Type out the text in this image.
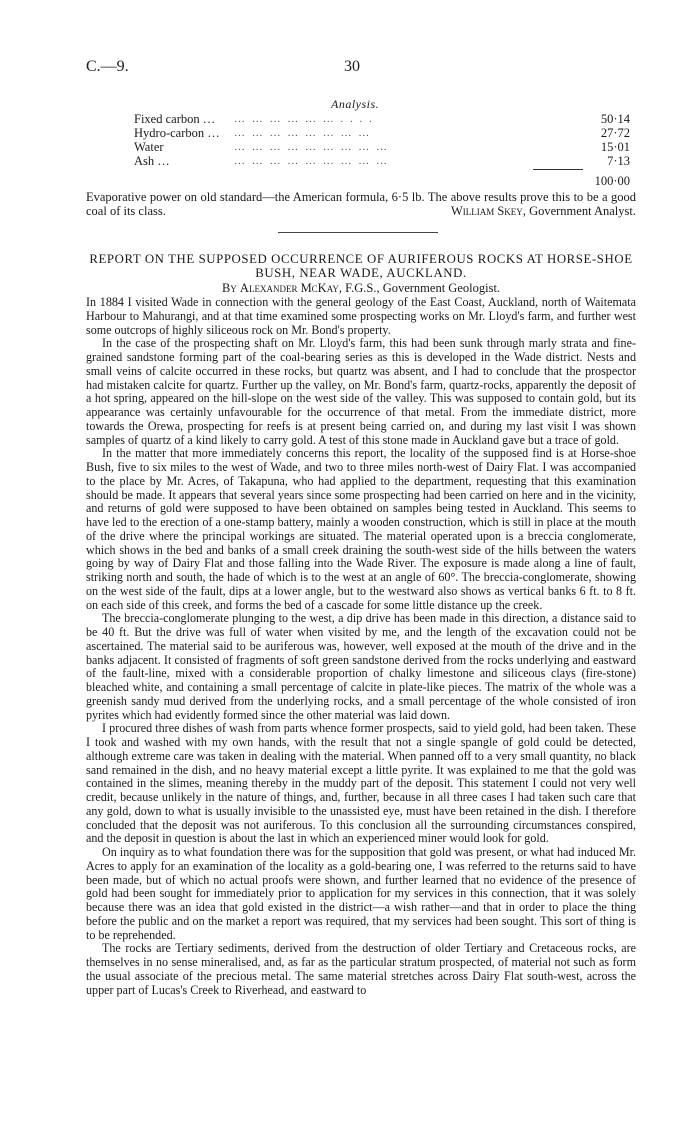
C.—9.	30
Analysis.
Fixed carbon … … … … … … … . . . .	50·14
Hydro-carbon … … … … … … … … …	27·72
Water	… … … … … … … … …	15·01
Ash …	… … … … … … … … …	7·13
100·00
Evaporative power on old standard—the American formula, 6·5 lb. The above results prove this to be a good coal of its class.	William Skey, Government Analyst.
REPORT ON THE SUPPOSED OCCURRENCE OF AURIFEROUS ROCKS AT HORSE-SHOE BUSH, NEAR WADE, AUCKLAND.
By Alexander McKay, F.G.S., Government Geologist.

In 1884 I visited Wade in connection with the general geology of the East Coast, Auckland, north of Waitemata Harbour to Mahurangi, and at that time examined some prospecting works on Mr. Lloyd's farm, and further west some outcrops of highly siliceous rock on Mr. Bond's property.

In the case of the prospecting shaft on Mr. Lloyd's farm, this had been sunk through marly strata and fine-grained sandstone forming part of the coal-bearing series as this is developed in the Wade district. Nests and small veins of calcite occurred in these rocks, but quartz was absent, and I had to conclude that the prospector had mistaken calcite for quartz. Further up the valley, on Mr. Bond's farm, quartz-rocks, apparently the deposit of a hot spring, appeared on the hill-slope on the west side of the valley. This was supposed to contain gold, but its appearance was certainly unfavourable for the occurrence of that metal. From the immediate district, more towards the Orewa, prospecting for reefs is at present being carried on, and during my last visit I was shown samples of quartz of a kind likely to carry gold. A test of this stone made in Auckland gave but a trace of gold.

In the matter that more immediately concerns this report, the locality of the supposed find is at Horse-shoe Bush, five to six miles to the west of Wade, and two to three miles north-west of Dairy Flat. I was accompanied to the place by Mr. Acres, of Takapuna, who had applied to the department, requesting that this examination should be made. It appears that several years since some prospecting had been carried on here and in the vicinity, and returns of gold were supposed to have been obtained on samples being tested in Auckland. This seems to have led to the erection of a one-stamp battery, mainly a wooden construction, which is still in place at the mouth of the drive where the principal workings are situated. The material operated upon is a breccia conglomerate, which shows in the bed and banks of a small creek draining the south-west side of the hills between the waters going by way of Dairy Flat and those falling into the Wade River. The exposure is made along a line of fault, striking north and south, the hade of which is to the west at an angle of 60°. The breccia-conglomerate, showing on the west side of the fault, dips at a lower angle, but to the westward also shows as vertical banks 6 ft. to 8 ft. on each side of this creek, and forms the bed of a cascade for some little distance up the creek.

The breccia-conglomerate plunging to the west, a dip drive has been made in this direction, a distance said to be 40 ft. But the drive was full of water when visited by me, and the length of the excavation could not be ascertained. The material said to be auriferous was, however, well exposed at the mouth of the drive and in the banks adjacent. It consisted of fragments of soft green sandstone derived from the rocks underlying and eastward of the fault-line, mixed with a considerable proportion of chalky limestone and siliceous clays (fire-stone) bleached white, and containing a small percentage of calcite in plate-like pieces. The matrix of the whole was a greenish sandy mud derived from the underlying rocks, and a small percentage of the whole consisted of iron pyrites which had evidently formed since the other material was laid down.

I procured three dishes of wash from parts whence former prospects, said to yield gold, had been taken. These I took and washed with my own hands, with the result that not a single spangle of gold could be detected, although extreme care was taken in dealing with the material. When panned off to a very small quantity, no black sand remained in the dish, and no heavy material except a little pyrite. It was explained to me that the gold was contained in the slimes, meaning thereby in the muddy part of the deposit. This statement I could not very well credit, because unlikely in the nature of things, and, further, because in all three cases I had taken such care that any gold, down to what is usually invisible to the unassisted eye, must have been retained in the dish. I therefore concluded that the deposit was not auriferous. To this conclusion all the surrounding circumstances conspired, and the deposit in question is about the last in which an experienced miner would look for gold.

On inquiry as to what foundation there was for the supposition that gold was present, or what had induced Mr. Acres to apply for an examination of the locality as a gold-bearing one, I was referred to the returns said to have been made, but of which no actual proofs were shown, and further learned that no evidence of the presence of gold had been sought for immediately prior to application for my services in this connection, that it was solely because there was an idea that gold existed in the district—a wish rather—and that in order to place the thing before the public and on the market a report was required, that my services had been sought. This sort of thing is to be reprehended.

The rocks are Tertiary sediments, derived from the destruction of older Tertiary and Cretaceous rocks, are themselves in no sense mineralised, and, as far as the particular stratum prospected, of material not such as form the usual associate of the precious metal. The same material stretches across Dairy Flat south-west, across the upper part of Lucas's Creek to Riverhead, and eastward to
